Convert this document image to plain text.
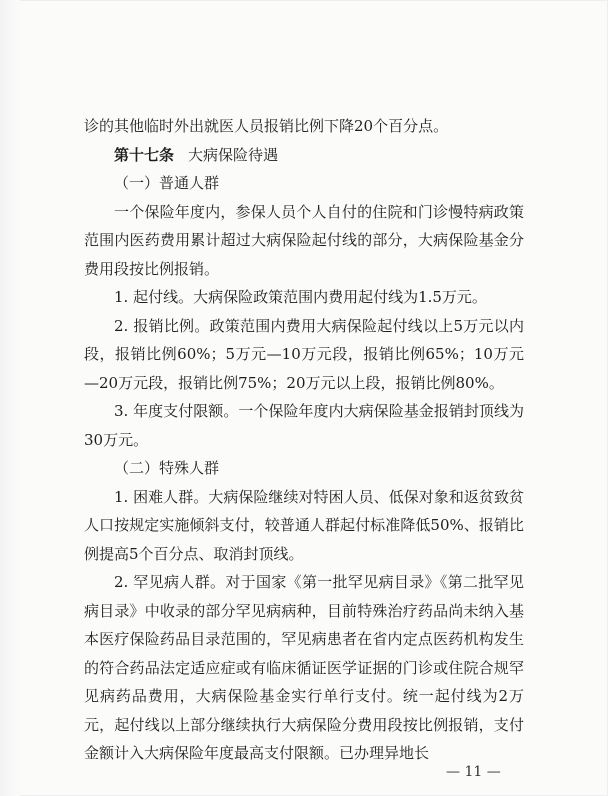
诊的其他临时外出就医人员报销比例下降20个百分点。

第十七条 大病保险待遇

（一）普通人群

一个保险年度内，参保人员个人自付的住院和门诊慢特病政策范围内医药费用累计超过大病保险起付线的部分，大病保险基金分费用段按比例报销。

1. 起付线。大病保险政策范围内费用起付线为1.5万元。

2. 报销比例。政策范围内费用大病保险起付线以上5万元以内段，报销比例60%；5万元—10万元段，报销比例65%；10万元—20万元段，报销比例75%；20万元以上段，报销比例80%。

3. 年度支付限额。一个保险年度内大病保险基金报销封顶线为30万元。

（二）特殊人群

1. 困难人群。大病保险继续对特困人员、低保对象和返贫致贫人口按规定实施倾斜支付，较普通人群起付标准降低50%、报销比例提高5个百分点、取消封顶线。

2. 罕见病人群。对于国家《第一批罕见病目录》《第二批罕见病目录》中收录的部分罕见病病种，目前特殊治疗药品尚未纳入基本医疗保险药品目录范围的，罕见病患者在省内定点医药机构发生的符合药品法定适应症或有临床循证医学证据的门诊或住院合规罕见病药品费用，大病保险基金实行单行支付。统一起付线为2万元，起付线以上部分继续执行大病保险分费用段按比例报销，支付金额计入大病保险年度最高支付限额。已办理异地长

— 11 —
